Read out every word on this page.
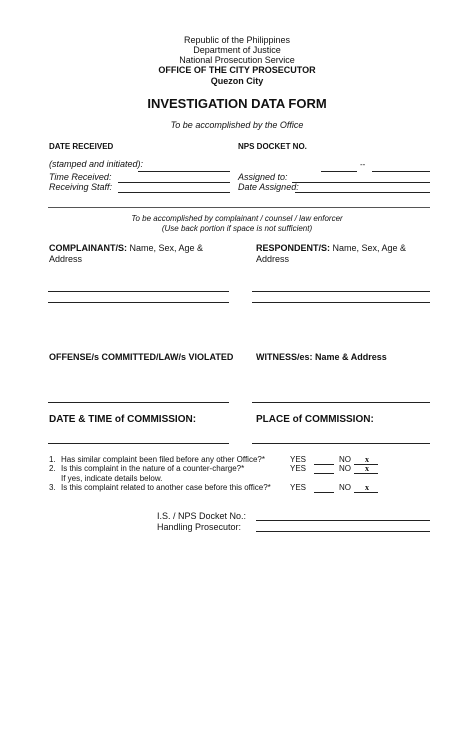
Republic of the Philippines
Department of Justice
National Prosecution Service
OFFICE OF THE CITY PROSECUTOR
Quezon City
INVESTIGATION DATA FORM
To be accomplished by the Office
DATE RECEIVED	NPS DOCKET NO.
(stamped and initiated):	--
Time Received:	Assigned to:
Receiving Staff:	Date Assigned:
To be accomplished by complainant / counsel / law enforcer
(Use back portion if space is not sufficient)
COMPLAINANT/S: Name, Sex, Age &
Address
RESPONDENT/S: Name, Sex, Age &
Address
OFFENSE/s COMMITTED/LAW/s VIOLATED	WITNESS/es: Name & Address
DATE & TIME of COMMISSION:	PLACE of COMMISSION:
1. Has similar complaint been filed before any other Office?*	YES	NO x
2. Is this complaint in the nature of a counter-charge?*	YES	NO x
If yes, indicate details below.
3. Is this complaint related to another case before this office?* YES	NO x
I.S. / NPS Docket No.:
Handling Prosecutor:
